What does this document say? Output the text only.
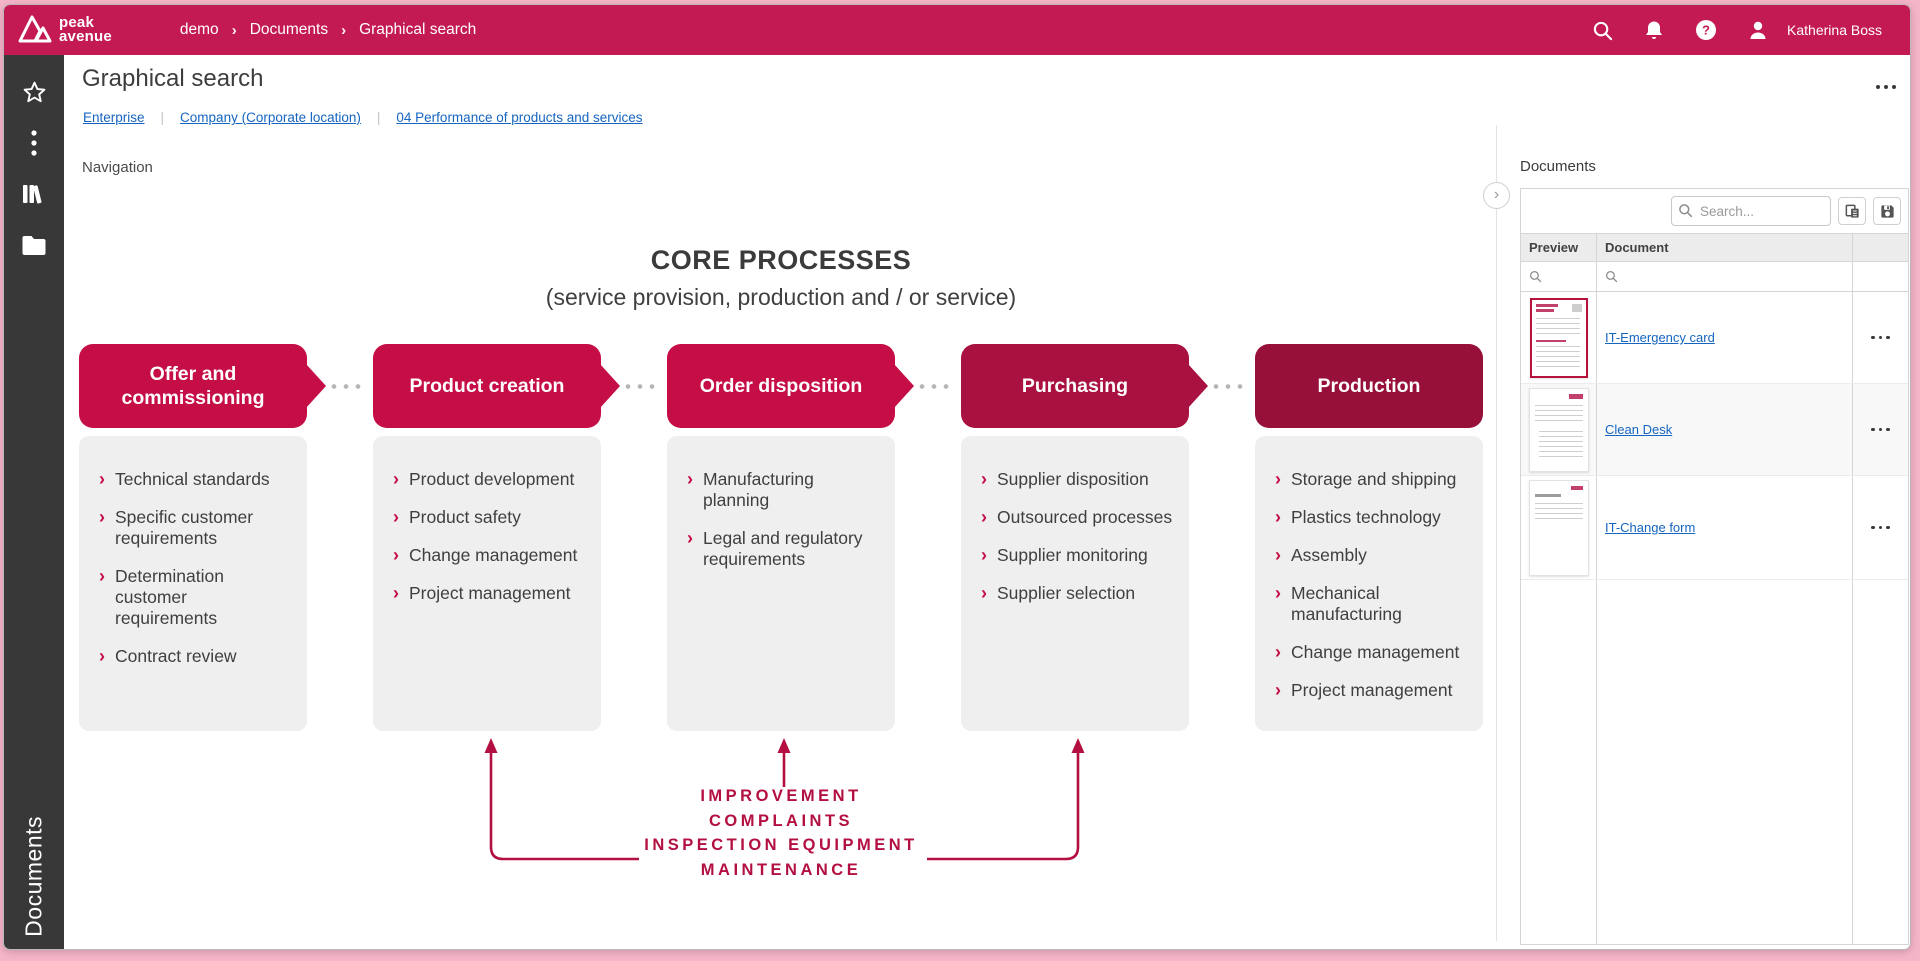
peak
avenue	demo › Documents › Graphical search	?	Katherina Boss
Documents
Graphical search
Enterprise |	Company (Corporate location) |	04 Performance of products and services
Navigation
›
CORE PROCESSES
(service provision, production and / or service)
Offer and commissioning
›
Technical standards
›
Specific customer requirements
›
Determination customer requirements
›
Contract review
Product creation
›
Product development
›
Product safety
›
Change management
›
Project management
Order disposition
›
Manufacturing planning
›
Legal and regulatory requirements
Purchasing
›
Supplier disposition
›
Outsourced processes
›
Supplier monitoring
›
Supplier selection
Production
›
Storage and shipping
›
Plastics technology
›
Assembly
›
Mechanical manufacturing
›
Change management
›
Project management
IMPROVEMENT
COMPLAINTS
INSPECTION EQUIPMENT
MAINTENANCE
Documents
Search...
Preview	Document
IT-Emergency card
Clean Desk
IT-Change form
